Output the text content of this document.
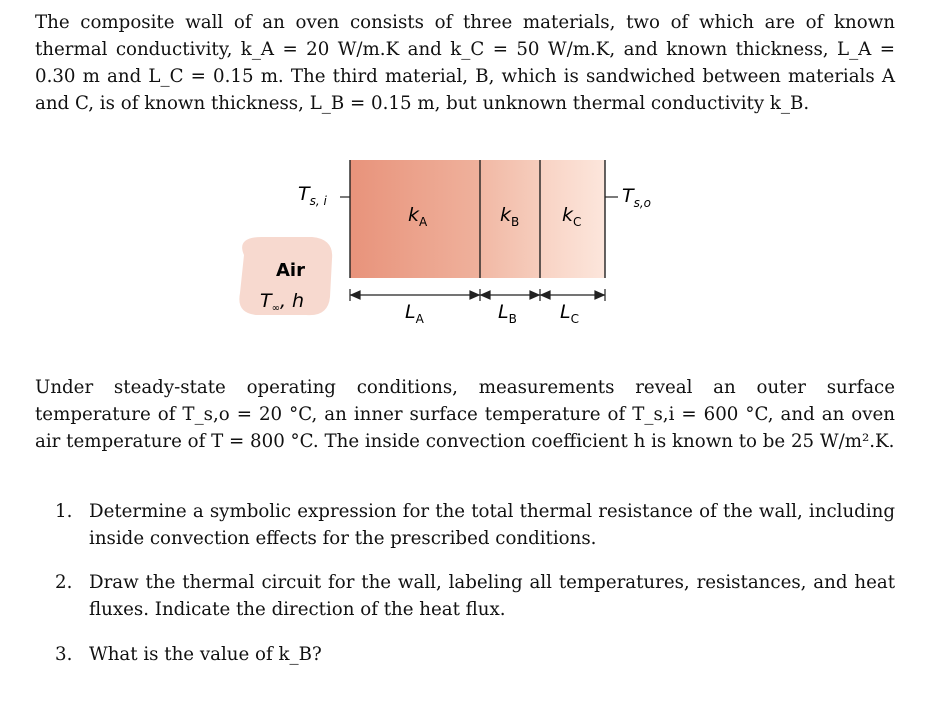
The composite wall of an oven consists of three materials, two of which are of known thermal conductivity, k_A = 20 W/m.K and k_C = 50 W/m.K, and known thickness, L_A = 0.30 m and L_C = 0.15 m. The third material, B, which is sandwiched between materials A and C, is of known thickness, L_B = 0.15 m, but unknown thermal conductivity k_B.
$T_{s, i}$	$T_{s,o}$
Air
$T_\infty$, h
$k_A$	$k_B$ $k_C$
$L_A$	$L_B$ $L_C$
Under steady-state operating conditions, measurements reveal an outer surface temperature of T_s,o = 20 °C, an inner surface temperature of T_s,i = 600 °C, and an oven air temperature of T = 800 °C. The inside convection coefficient h is known to be 25 W/m².K.
1. Determine a symbolic expression for the total thermal resistance of the wall, including inside convection effects for the prescribed conditions.
2. Draw the thermal circuit for the wall, labeling all temperatures, resistances, and heat fluxes. Indicate the direction of the heat flux.
3. What is the value of k_B?
